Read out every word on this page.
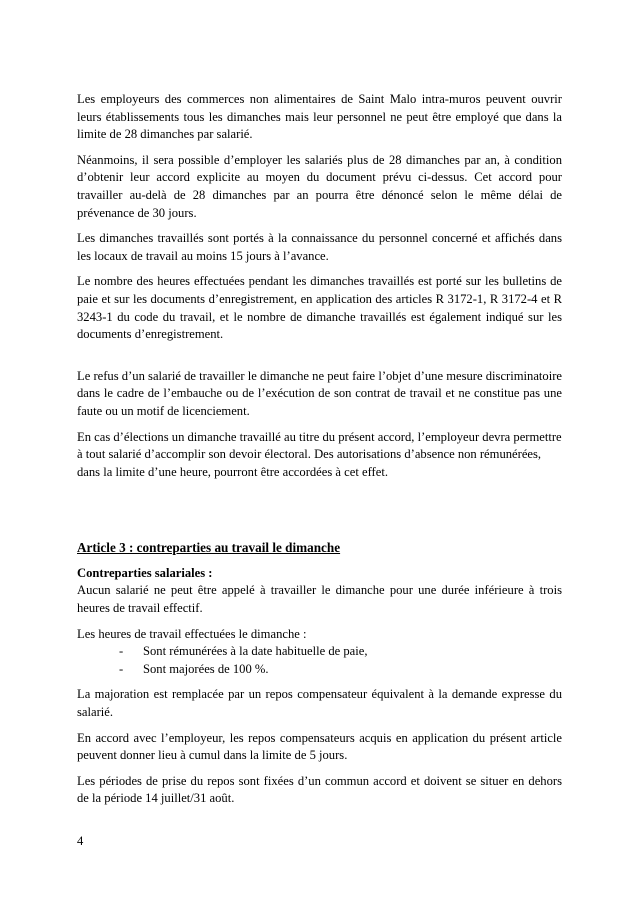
Les employeurs des commerces non alimentaires de Saint Malo intra-muros peuvent ouvrir leurs établissements tous les dimanches mais leur personnel ne peut être employé que dans la limite de 28 dimanches par salarié.

Néanmoins, il sera possible d’employer les salariés plus de 28 dimanches par an, à condition d’obtenir leur accord explicite au moyen du document prévu ci-dessus. Cet accord pour travailler au-delà de 28 dimanches par an pourra être dénoncé selon le même délai de prévenance de 30 jours.

Les dimanches travaillés sont portés à la connaissance du personnel concerné et affichés dans les locaux de travail au moins 15 jours à l’avance.

Le nombre des heures effectuées pendant les dimanches travaillés est porté sur les bulletins de paie et sur les documents d’enregistrement, en application des articles R 3172-1, R 3172-4 et R 3243-1 du code du travail, et le nombre de dimanche travaillés est également indiqué sur les documents d’enregistrement.

Le refus d’un salarié de travailler le dimanche ne peut faire l’objet d’une mesure discriminatoire dans le cadre de l’embauche ou de l’exécution de son contrat de travail et ne constitue pas une faute ou un motif de licenciement.

En cas d’élections un dimanche travaillé au titre du présent accord, l’employeur devra permettre à tout salarié d’accomplir son devoir électoral. Des autorisations d’absence non rémunérées, dans la limite d’une heure, pourront être accordées à cet effet.

Article 3 : contreparties au travail le dimanche

Contreparties salariales :
Aucun salarié ne peut être appelé à travailler le dimanche pour une durée inférieure à trois heures de travail effectif.

Les heures de travail effectuées le dimanche :

- Sont rémunérées à la date habituelle de paie,
- Sont majorées de 100 %.

La majoration est remplacée par un repos compensateur équivalent à la demande expresse du salarié.

En accord avec l’employeur, les repos compensateurs acquis en application du présent article peuvent donner lieu à cumul dans la limite de 5 jours.

Les périodes de prise du repos sont fixées d’un commun accord et doivent se situer en dehors de la période 14 juillet/31 août.

4
